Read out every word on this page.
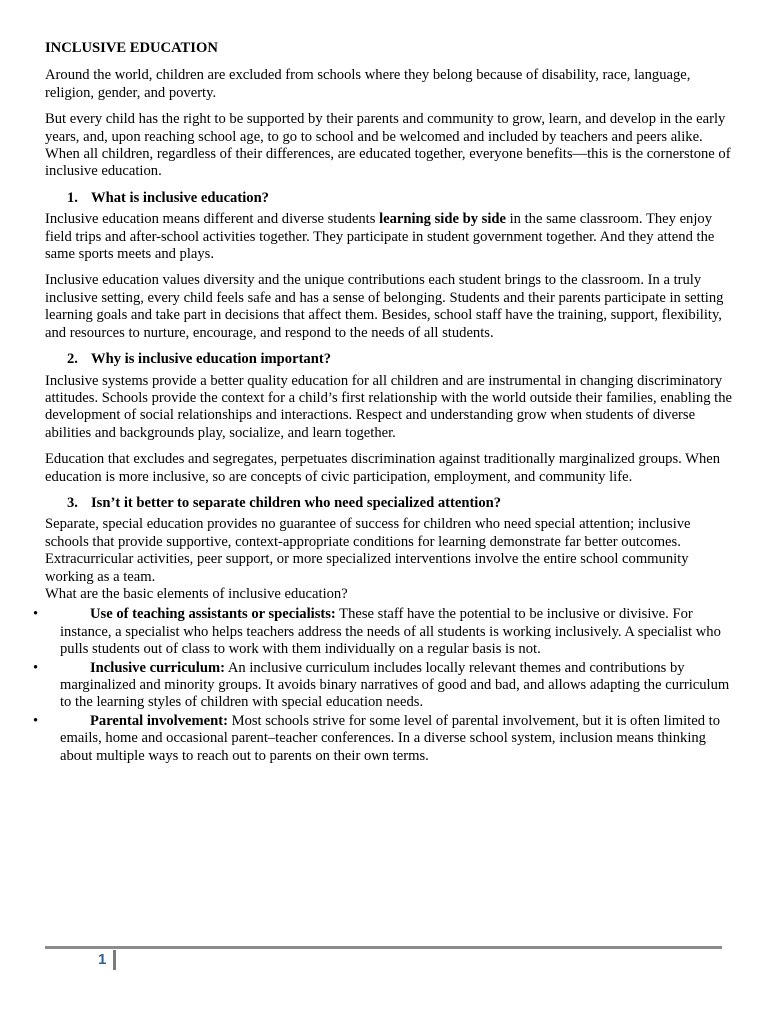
INCLUSIVE EDUCATION

Around the world, children are excluded from schools where they belong because of disability, race, language, religion, gender, and poverty.

But every child has the right to be supported by their parents and community to grow, learn, and develop in the early years, and, upon reaching school age, to go to school and be welcomed and included by teachers and peers alike. When all children, regardless of their differences, are educated together, everyone benefits—this is the cornerstone of inclusive education.

1. What is inclusive education?

Inclusive education means different and diverse students learning side by side in the same classroom. They enjoy field trips and after-school activities together. They participate in student government together. And they attend the same sports meets and plays.

Inclusive education values diversity and the unique contributions each student brings to the classroom. In a truly inclusive setting, every child feels safe and has a sense of belonging. Students and their parents participate in setting learning goals and take part in decisions that affect them. Besides, school staff have the training, support, flexibility, and resources to nurture, encourage, and respond to the needs of all students.

2. Why is inclusive education important?

Inclusive systems provide a better quality education for all children and are instrumental in changing discriminatory attitudes. Schools provide the context for a child’s first relationship with the world outside their families, enabling the development of social relationships and interactions. Respect and understanding grow when students of diverse abilities and backgrounds play, socialize, and learn together.

Education that excludes and segregates, perpetuates discrimination against traditionally marginalized groups. When education is more inclusive, so are concepts of civic participation, employment, and community life.

3. Isn’t it better to separate children who need specialized attention?

Separate, special education provides no guarantee of success for children who need special attention; inclusive schools that provide supportive, context-appropriate conditions for learning demonstrate far better outcomes. Extracurricular activities, peer support, or more specialized interventions involve the entire school community working as a team.

What are the basic elements of inclusive education?

•	Use of teaching assistants or specialists: These staff have the potential to be inclusive or divisive. For instance, a specialist who helps teachers address the needs of all students is working inclusively. A specialist who pulls students out of class to work with them individually on a regular basis is not.
•	Inclusive curriculum: An inclusive curriculum includes locally relevant themes and contributions by marginalized and minority groups. It avoids binary narratives of good and bad, and allows adapting the curriculum to the learning styles of children with special education needs.
•	Parental involvement: Most schools strive for some level of parental involvement, but it is often limited to emails, home and occasional parent–teacher conferences. In a diverse school system, inclusion means thinking about multiple ways to reach out to parents on their own terms.
1
